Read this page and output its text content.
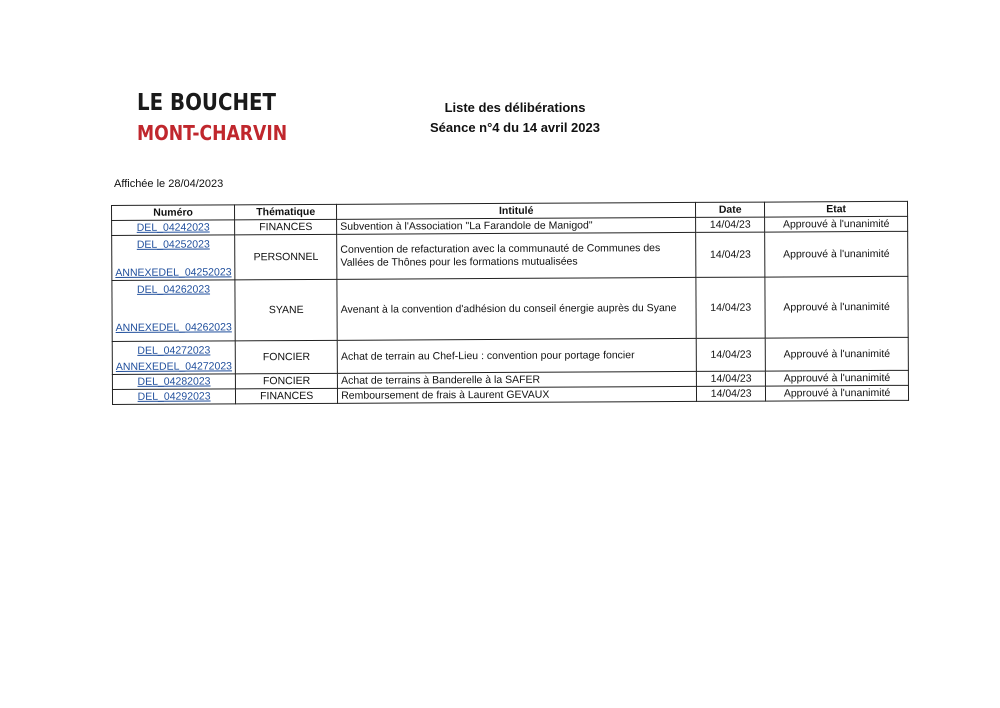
LE BOUCHET
MONT-CHARVIN
Liste des délibérations
Séance n°4 du 14 avril 2023
Affichée le 28/04/2023
Numéro	Thématique	Intitulé	Date	Etat

DEL_04242023	FINANCES	Subvention à l'Association "La Farandole de Manigod"	14/04/23	Approuvé à l'unanimité

DEL_04252023
ANNEXEDEL_04252023	PERSONNEL	Convention de refacturation avec la communauté de Communes des Vallées de Thônes pour les formations mutualisées	14/04/23	Approuvé à l'unanimité

DEL_04262023
ANNEXEDEL_04262023	SYANE	Avenant à la convention d'adhésion du conseil énergie auprès du Syane	14/04/23	Approuvé à l'unanimité

DEL_04272023
ANNEXEDEL_04272023	FONCIER	Achat de terrain au Chef-Lieu : convention pour portage foncier	14/04/23	Approuvé à l'unanimité

DEL_04282023	FONCIER	Achat de terrains à Banderelle à la SAFER	14/04/23	Approuvé à l'unanimité

DEL_04292023	FINANCES	Remboursement de frais à Laurent GEVAUX	14/04/23	Approuvé à l'unanimité
